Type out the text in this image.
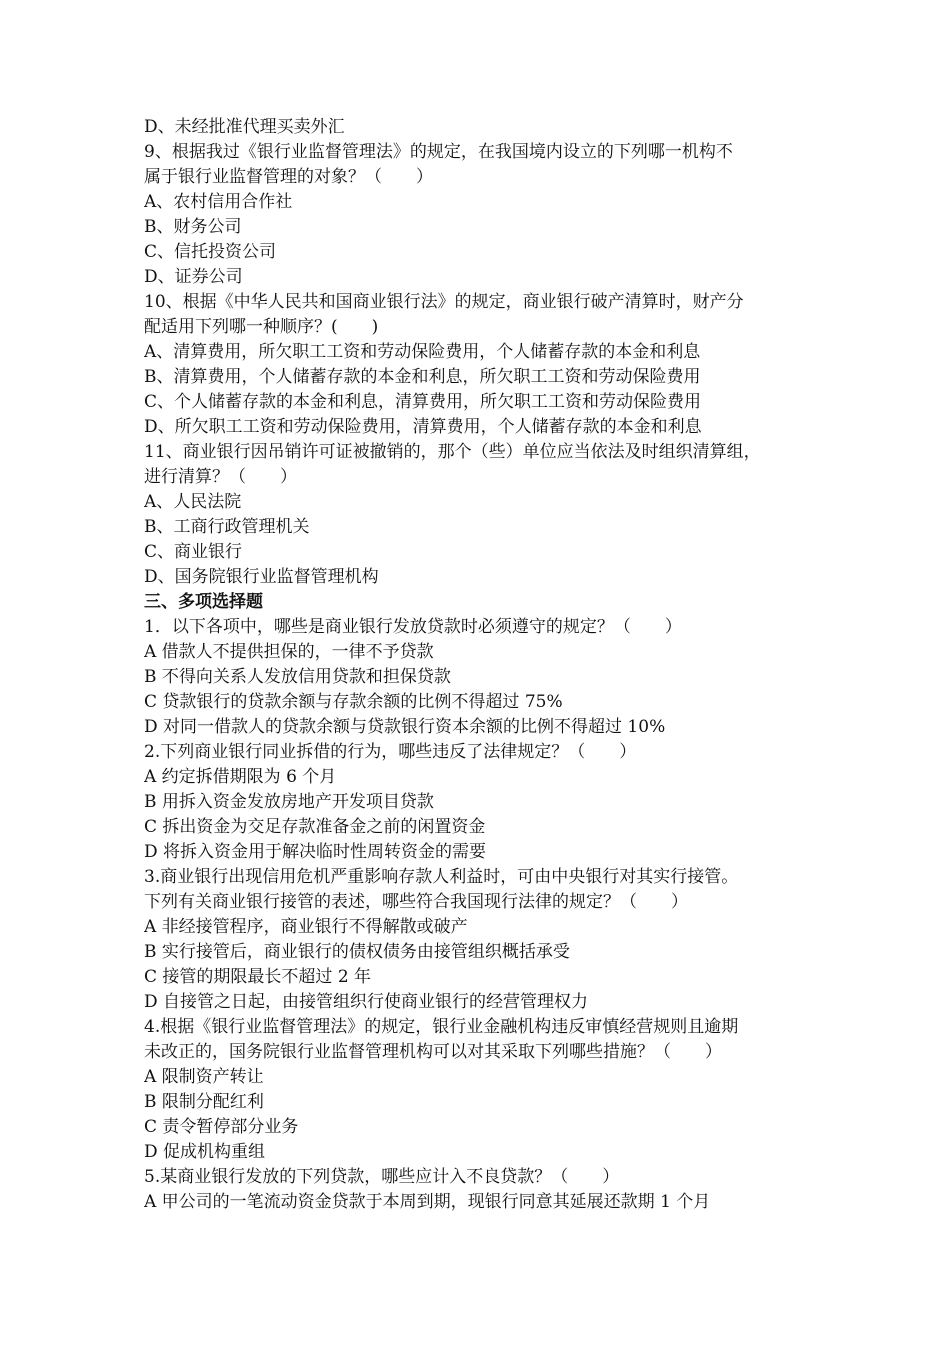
D、未经批准代理买卖外汇
9、根据我过《银行业监督管理法》的规定，在我国境内设立的下列哪一机构不
属于银行业监督管理的对象？（　　）
A、农村信用合作社
B、财务公司
C、信托投资公司
D、证券公司
10、根据《中华人民共和国商业银行法》的规定，商业银行破产清算时，财产分
配适用下列哪一种顺序？(　　)
A、清算费用，所欠职工工资和劳动保险费用，个人储蓄存款的本金和利息
B、清算费用，个人储蓄存款的本金和利息，所欠职工工资和劳动保险费用
C、个人储蓄存款的本金和利息，清算费用，所欠职工工资和劳动保险费用
D、所欠职工工资和劳动保险费用，清算费用，个人储蓄存款的本金和利息
11、商业银行因吊销许可证被撤销的，那个（些）单位应当依法及时组织清算组，
进行清算？（　　）
A、人民法院
B、工商行政管理机关
C、商业银行
D、国务院银行业监督管理机构
三、多项选择题
1．以下各项中，哪些是商业银行发放贷款时必须遵守的规定？（　　）
A 借款人不提供担保的，一律不予贷款
B 不得向关系人发放信用贷款和担保贷款
C 贷款银行的贷款余额与存款余额的比例不得超过 75%
D 对同一借款人的贷款余额与贷款银行资本余额的比例不得超过 10%
2.下列商业银行同业拆借的行为，哪些违反了法律规定？（　　）
A 约定拆借期限为 6 个月
B 用拆入资金发放房地产开发项目贷款
C 拆出资金为交足存款准备金之前的闲置资金
D 将拆入资金用于解决临时性周转资金的需要
3.商业银行出现信用危机严重影响存款人利益时，可由中央银行对其实行接管。
下列有关商业银行接管的表述，哪些符合我国现行法律的规定？（　　）
A 非经接管程序，商业银行不得解散或破产
B 实行接管后，商业银行的债权债务由接管组织概括承受
C 接管的期限最长不超过 2 年
D 自接管之日起，由接管组织行使商业银行的经营管理权力
4.根据《银行业监督管理法》的规定，银行业金融机构违反审慎经营规则且逾期
未改正的，国务院银行业监督管理机构可以对其采取下列哪些措施？（　　）
A 限制资产转让
B 限制分配红利
C 责令暂停部分业务
D 促成机构重组
5.某商业银行发放的下列贷款，哪些应计入不良贷款？（　　）
A 甲公司的一笔流动资金贷款于本周到期，现银行同意其延展还款期 1 个月
